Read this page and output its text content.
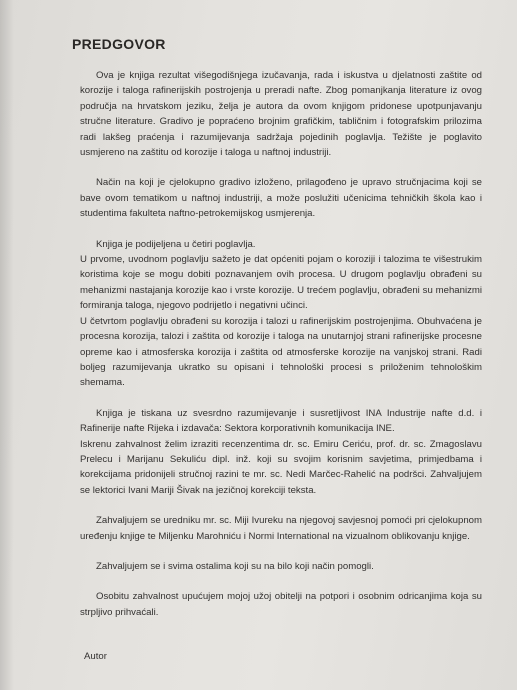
PREDGOVOR

Ova je knjiga rezultat višegodišnjega izučavanja, rada i iskustva u djelatnosti zaštite od korozije i taloga rafinerijskih postrojenja u preradi nafte. Zbog pomanjkanja literature iz ovog područja na hrvatskom jeziku, želja je autora da ovom knjigom pridonese upotpunjavanju stručne literature. Gradivo je popraćeno brojnim grafičkim, tabličnim i fotografskim prilozima radi lakšeg praćenja i razumijevanja sadržaja pojedinih poglavlja. Težište je poglavito usmjereno na zaštitu od korozije i taloga u naftnoj industriji.

Način na koji je cjelokupno gradivo izloženo, prilagođeno je upravo stručnjacima koji se bave ovom tematikom u naftnoj industriji, a može poslužiti učenicima tehničkih škola kao i studentima fakulteta naftno-petrokemijskog usmjerenja.

Knjiga je podijeljena u četiri poglavlja.

U prvome, uvodnom poglavlju sažeto je dat općeniti pojam o koroziji i talozima te višestrukim koristima koje se mogu dobiti poznavanjem ovih procesa. U drugom poglavlju obrađeni su mehanizmi nastajanja korozije kao i vrste korozije. U trećem poglavlju, obrađeni su mehanizmi formiranja taloga, njegovo podrijetlo i negativni učinci.

U četvrtom poglavlju obrađeni su korozija i talozi u rafinerijskim postrojenjima. Obuhvaćena je procesna korozija, talozi i zaštita od korozije i taloga na unutarnjoj strani rafinerijske procesne opreme kao i atmosferska korozija i zaštita od atmosferske korozije na vanjskoj strani. Radi boljeg razumijevanja ukratko su opisani i tehnološki procesi s priloženim tehnološkim shemama.

Knjiga je tiskana uz svesrdno razumijevanje i susretljivost INA Industrije nafte d.d. i Rafinerije nafte Rijeka i izdavača: Sektora korporativnih komunikacija INE.

Iskrenu zahvalnost želim izraziti recenzentima dr. sc. Emiru Ceriću, prof. dr. sc. Zmagoslavu Prelecu i Marijanu Sekuliću dipl. inž. koji su svojim korisnim savjetima, primjedbama i korekcijama pridonijeli stručnoj razini te mr. sc. Nedi Marčec-Rahelić na podršci. Zahvaljujem se lektorici Ivani Mariji Šivak na jezičnoj korekciji teksta.

Zahvaljujem se uredniku mr. sc. Miji Ivureku na njegovoj savjesnoj pomoći pri cjelokupnom uređenju knjige te Miljenku Marohniću i Normi International na vizualnom oblikovanju knjige.

Zahvaljujem se i svima ostalima koji su na bilo koji način pomogli.

Osobitu zahvalnost upućujem mojoj užoj obitelji na potpori i osobnim odricanjima koja su strpljivo prihvaćali.

Autor
